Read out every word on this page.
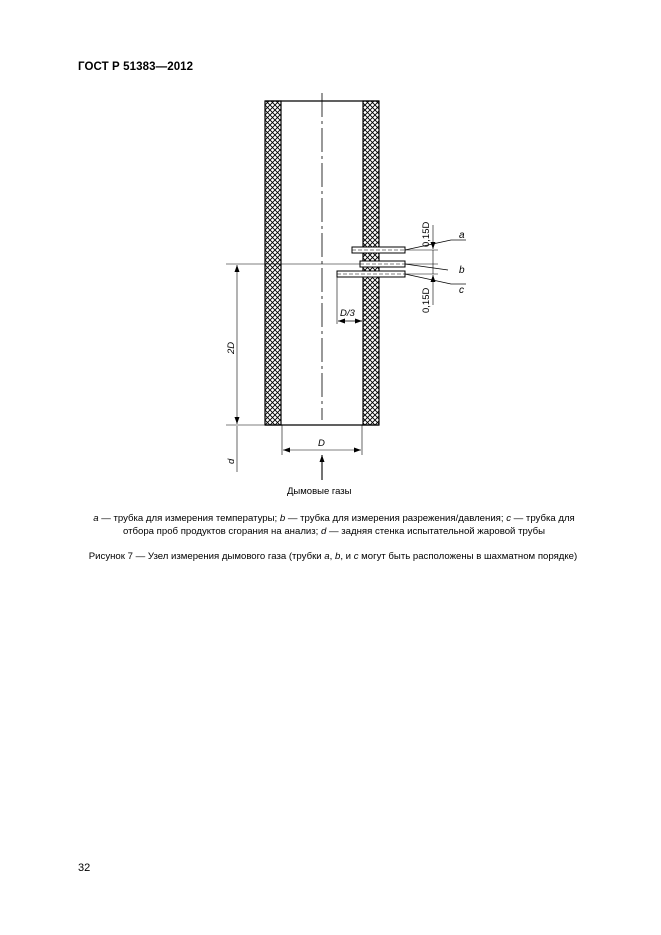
ГОСТ Р 51383—2012
a
b
c
0,15D
0,15D
D/3
2D
d
D
Дымовые газы
a — трубка для измерения температуры; b — трубка для измерения разрежения/давления; c — трубка для отбора проб продуктов сгорания на анализ; d — задняя стенка испытательной жаровой трубы
Рисунок 7 — Узел измерения дымового газа (трубки a, b, и c могут быть расположены в шахматном порядке)
32
